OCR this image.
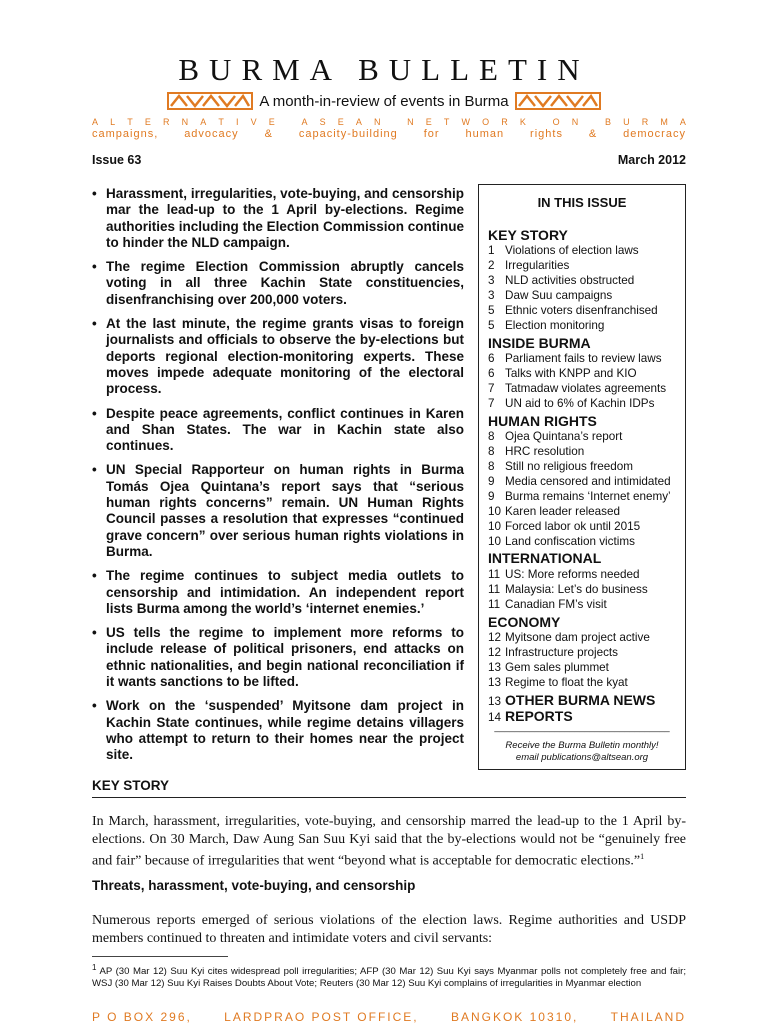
BURMA BULLETIN
A month-in-review of events in Burma
A L T E R N A T I V E
	A S E A N
	N E T W O R K
	O N
	B U R M A
campaigns, advocacy & capacity-building for human rights & democracy
Issue 63	March 2012
• Harassment, irregularities, vote-buying, and censorship mar the lead-up to the 1 April by-elections. Regime authorities including the Election Commission continue to hinder the NLD campaign.
• The regime Election Commission abruptly cancels voting in all three Kachin State constituencies, disenfranchising over 200,000 voters.
• At the last minute, the regime grants visas to foreign journalists and officials to observe the by-elections but deports regional election-monitoring experts. These moves impede adequate monitoring of the electoral process.
• Despite peace agreements, conflict continues in Karen and Shan States. The war in Kachin state also continues.
• UN Special Rapporteur on human rights in Burma Tomás Ojea Quintana’s report says that “serious human rights concerns” remain. UN Human Rights Council passes a resolution that expresses “continued grave concern” over serious human rights violations in Burma.
• The regime continues to subject media outlets to censorship and intimidation. An independent report lists Burma among the world’s ‘internet enemies.’
• US tells the regime to implement more reforms to include release of political prisoners, end attacks on ethnic nationalities, and begin national reconciliation if it wants sanctions to be lifted.
• Work on the ‘suspended’ Myitsone dam project in Kachin State continues, while regime detains villagers who attempt to return to their homes near the project site.
IN THIS ISSUE
KEY STORY
1 Violations of election laws
2 Irregularities
3 NLD activities obstructed
3 Daw Suu campaigns
5 Ethnic voters disenfranchised
5 Election monitoring
INSIDE BURMA
6 Parliament fails to review laws
6 Talks with KNPP and KIO
7 Tatmadaw violates agreements
7 UN aid to 6% of Kachin IDPs
HUMAN RIGHTS
8 Ojea Quintana’s report
8 HRC resolution
8 Still no religious freedom
9 Media censored and intimidated
9 Burma remains ‘Internet enemy’
10 Karen leader released
10 Forced labor ok until 2015
10 Land confiscation victims
INTERNATIONAL
11 US: More reforms needed
11 Malaysia: Let’s do business
11 Canadian FM’s visit
ECONOMY
12 Myitsone dam project active
12 Infrastructure projects
13 Gem sales plummet
13 Regime to float the kyat
13 OTHER BURMA NEWS
14 REPORTS
___________________________________
Receive the Burma Bulletin monthly!
email publications@altsean.org
KEY STORY
In March, harassment, irregularities, vote-buying, and censorship marred the lead-up to the 1 April by-elections. On 30 March, Daw Aung San Suu Kyi said that the by-elections would not be “genuinely free and fair” because of irregularities that went “beyond what is acceptable for democratic elections.”$^1$
Threats, harassment, vote-buying, and censorship
Numerous reports emerged of serious violations of the election laws. Regime authorities and USDP members continued to threaten and intimidate voters and civil servants:
$^1$ AP (30 Mar 12) Suu Kyi cites widespread poll irregularities; AFP (30 Mar 12) Suu Kyi says Myanmar polls not completely free and fair; WSJ (30 Mar 12) Suu Kyi Raises Doubts About Vote; Reuters (30 Mar 12) Suu Kyi complains of irregularities in Myanmar election
P O BOX 296,	LARDPRAO POST OFFICE,	BANGKOK 10310,	THAILAND
